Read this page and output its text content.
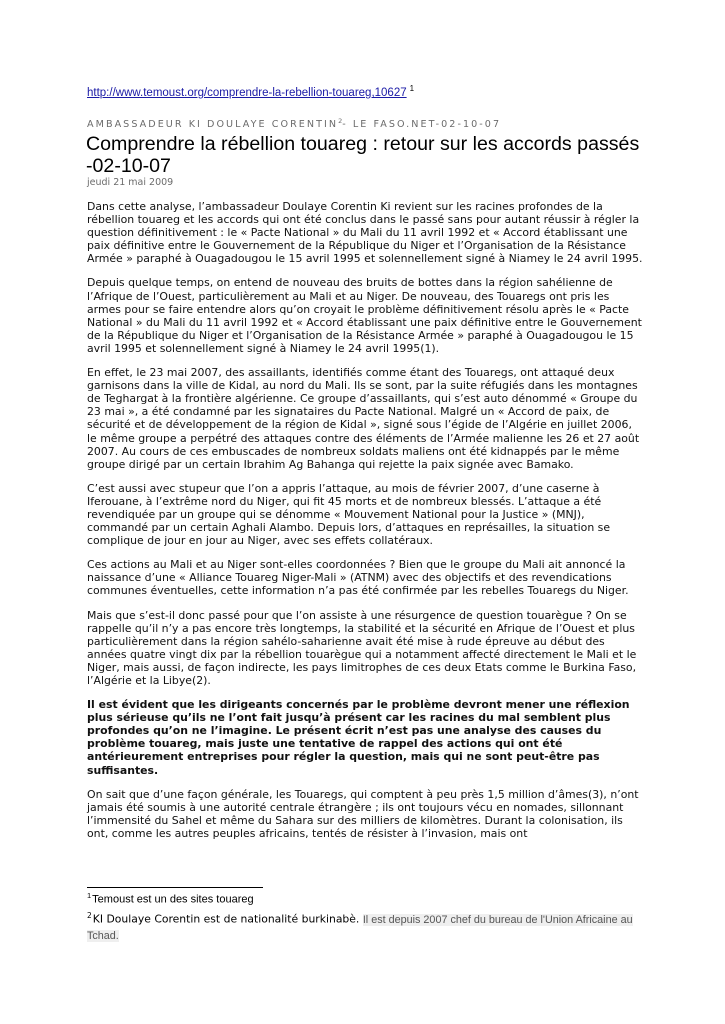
http://www.temoust.org/comprendre-la-rebellion-touareg,10627 $^1$
AMBASSADEUR KI DOULAYE CORENTIN$^2$- LE FASO.NET-02-10-07
Comprendre la rébellion touareg : retour sur les accords passés -02-10-07
jeudi 21 mai 2009

Dans cette analyse, l’ambassadeur Doulaye Corentin Ki revient sur les racines profondes de la rébellion touareg et les accords qui ont été conclus dans le passé sans pour autant réussir à régler la question définitivement : le « Pacte National » du Mali du 11 avril 1992 et « Accord établissant une paix définitive entre le Gouvernement de la République du Niger et l’Organisation de la Résistance Armée » paraphé à Ouagadougou le 15 avril 1995 et solennellement signé à Niamey le 24 avril 1995.

Depuis quelque temps, on entend de nouveau des bruits de bottes dans la région sahélienne de l’Afrique de l’Ouest, particulièrement au Mali et au Niger. De nouveau, des Touaregs ont pris les armes pour se faire entendre alors qu’on croyait le problème définitivement résolu après le « Pacte National » du Mali du 11 avril 1992 et « Accord établissant une paix définitive entre le Gouvernement de la République du Niger et l’Organisation de la Résistance Armée » paraphé à Ouagadougou le 15 avril 1995 et solennellement signé à Niamey le 24 avril 1995(1).

En effet, le 23 mai 2007, des assaillants, identifiés comme étant des Touaregs, ont attaqué deux garnisons dans la ville de Kidal, au nord du Mali. Ils se sont, par la suite réfugiés dans les montagnes de Teghargat à la frontière algérienne. Ce groupe d’assaillants, qui s’est auto dénommé « Groupe du 23 mai », a été condamné par les signataires du Pacte National. Malgré un « Accord de paix, de sécurité et de développement de la région de Kidal », signé sous l’égide de l’Algérie en juillet 2006, le même groupe a perpétré des attaques contre des éléments de l’Armée malienne les 26 et 27 août 2007. Au cours de ces embuscades de nombreux soldats maliens ont été kidnappés par le même groupe dirigé par un certain Ibrahim Ag Bahanga qui rejette la paix signée avec Bamako.

C’est aussi avec stupeur que l’on a appris l’attaque, au mois de février 2007, d’une caserne à Iferouane, à l’extrême nord du Niger, qui fit 45 morts et de nombreux blessés. L’attaque a été revendiquée par un groupe qui se dénomme « Mouvement National pour la Justice » (MNJ), commandé par un certain Aghali Alambo. Depuis lors, d’attaques en représailles, la situation se complique de jour en jour au Niger, avec ses effets collatéraux.

Ces actions au Mali et au Niger sont-elles coordonnées ? Bien que le groupe du Mali ait annoncé la naissance d’une « Alliance Touareg Niger-Mali » (ATNM) avec des objectifs et des revendications communes éventuelles, cette information n’a pas été confirmée par les rebelles Touaregs du Niger.

Mais que s’est-il donc passé pour que l’on assiste à une résurgence de question touarègue ? On se rappelle qu’il n’y a pas encore très longtemps, la stabilité et la sécurité en Afrique de l’Ouest et plus particulièrement dans la région sahélo-saharienne avait été mise à rude épreuve au début des années quatre vingt dix par la rébellion touarègue qui a notamment affecté directement le Mali et le Niger, mais aussi, de façon indirecte, les pays limitrophes de ces deux Etats comme le Burkina Faso, l’Algérie et la Libye(2).

Il est évident que les dirigeants concernés par le problème devront mener une réflexion plus sérieuse qu’ils ne l’ont fait jusqu’à présent car les racines du mal semblent plus profondes qu’on ne l’imagine. Le présent écrit n’est pas une analyse des causes du problème touareg, mais juste une tentative de rappel des actions qui ont été antérieurement entreprises pour régler la question, mais qui ne sont peut-être pas suffisantes.

On sait que d’une façon générale, les Touaregs, qui comptent à peu près 1,5 million d’âmes(3), n’ont jamais été soumis à une autorité centrale étrangère ; ils ont toujours vécu en nomades, sillonnant l’immensité du Sahel et même du Sahara sur des milliers de kilomètres. Durant la colonisation, ils ont, comme les autres peuples africains, tentés de résister à l’invasion, mais ont

$^1$Temoust est un des sites touareg
$^2$KI Doulaye Corentin est de nationalité burkinabè. Il est depuis 2007 chef du bureau de l'Union Africaine au Tchad.
